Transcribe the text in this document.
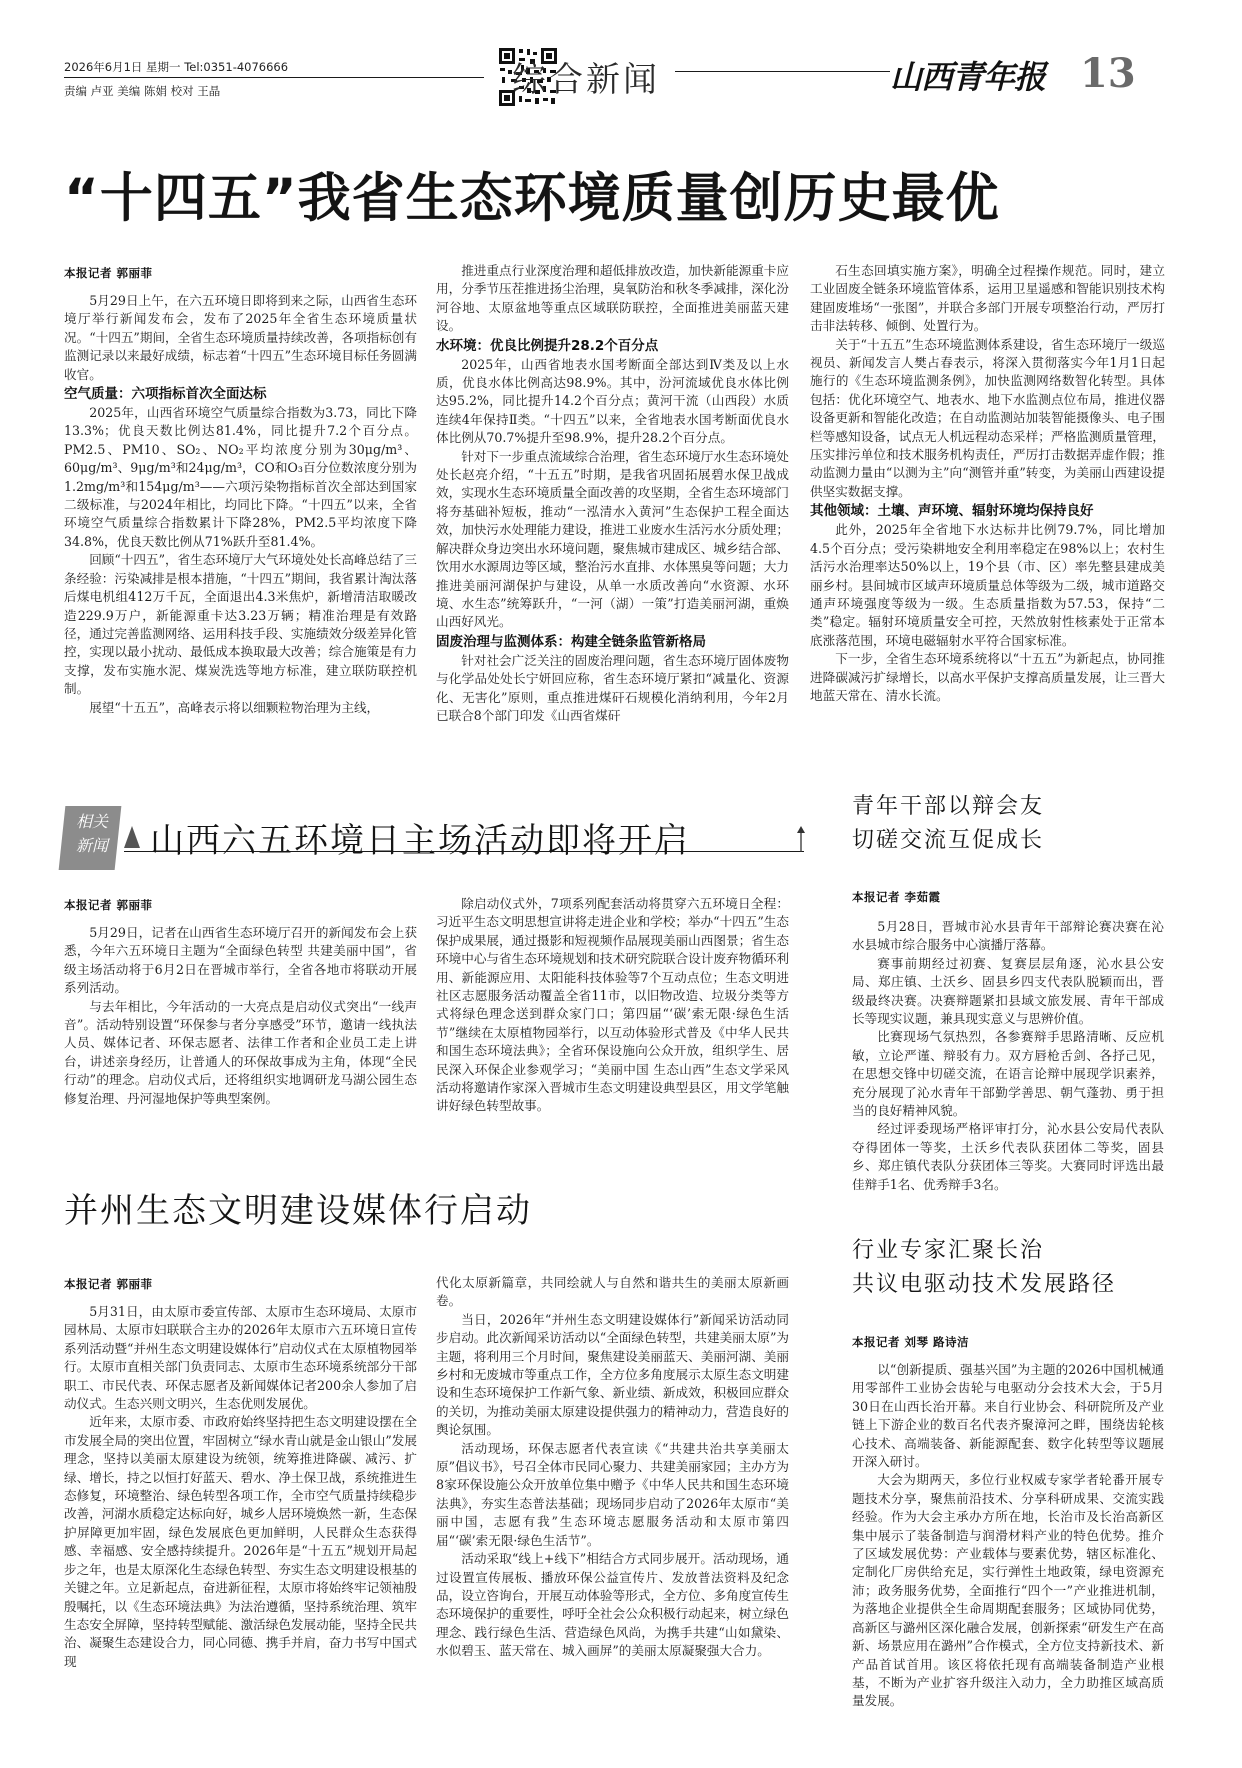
2026年6月1日 星期一 Tel:0351-4076666
责编 卢亚 美编 陈娟 校对 王晶	综合新闻	山西青年报 13
“十四五”我省生态环境质量创历史最优
本报记者 郭丽菲

5月29日上午，在六五环境日即将到来之际，山西省生态环境厅举行新闻发布会，发布了2025年全省生态环境质量状况。“十四五”期间，全省生态环境质量持续改善，各项指标创有监测记录以来最好成绩，标志着“十四五”生态环境目标任务圆满收官。

空气质量：六项指标首次全面达标

2025年，山西省环境空气质量综合指数为3.73，同比下降13.3%；优良天数比例达81.4%，同比提升7.2个百分点。PM2.5、PM10、SO₂、NO₂平均浓度分别为30μg/m³、60μg/m³、9μg/m³和24μg/m³，CO和O₃百分位数浓度分别为1.2mg/m³和154μg/m³——六项污染物指标首次全部达到国家二级标准，与2024年相比，均同比下降。“十四五”以来，全省环境空气质量综合指数累计下降28%，PM2.5平均浓度下降34.8%，优良天数比例从71%跃升至81.4%。

回顾“十四五”，省生态环境厅大气环境处处长高峰总结了三条经验：污染减排是根本措施，“十四五”期间，我省累计淘汰落后煤电机组412万千瓦，全面退出4.3米焦炉，新增清洁取暖改造229.9万户，新能源重卡达3.23万辆；精准治理是有效路径，通过完善监测网络、运用科技手段、实施绩效分级差异化管控，实现以最小扰动、最低成本换取最大改善；综合施策是有力支撑，发布实施水泥、煤炭洗选等地方标准，建立联防联控机制。

展望“十五五”，高峰表示将以细颗粒物治理为主线，

推进重点行业深度治理和超低排放改造，加快新能源重卡应用，分季节压茬推进扬尘治理，臭氧防治和秋冬季减排，深化汾河谷地、太原盆地等重点区域联防联控，全面推进美丽蓝天建设。

水环境：优良比例提升28.2个百分点

2025年，山西省地表水国考断面全部达到Ⅳ类及以上水质，优良水体比例高达98.9%。其中，汾河流域优良水体比例达95.2%，同比提升14.2个百分点；黄河干流（山西段）水质连续4年保持Ⅱ类。“十四五”以来，全省地表水国考断面优良水体比例从70.7%提升至98.9%，提升28.2个百分点。

针对下一步重点流域综合治理，省生态环境厅水生态环境处处长赵亮介绍，“十五五”时期，是我省巩固拓展碧水保卫战成效，实现水生态环境质量全面改善的攻坚期，全省生态环境部门将夯基础补短板，推动“一泓清水入黄河”生态保护工程全面达效，加快污水处理能力建设，推进工业废水生活污水分质处理；解决群众身边突出水环境问题，聚焦城市建成区、城乡结合部、饮用水水源周边等区域，整治污水直排、水体黑臭等问题；大力推进美丽河湖保护与建设，从单一水质改善向“水资源、水环境、水生态”统筹跃升，“一河（湖）一策”打造美丽河湖，重焕山西好风光。

固废治理与监测体系：构建全链条监管新格局

针对社会广泛关注的固废治理问题，省生态环境厅固体废物与化学品处处长宁妍回应称，省生态环境厅紧扣“减量化、资源化、无害化”原则，重点推进煤矸石规模化消纳利用，今年2月已联合8个部门印发《山西省煤矸

石生态回填实施方案》，明确全过程操作规范。同时，建立工业固废全链条环境监管体系，运用卫星遥感和智能识别技术构建固废堆场“一张图”，并联合多部门开展专项整治行动，严厉打击非法转移、倾倒、处置行为。

关于“十五五”生态环境监测体系建设，省生态环境厅一级巡视员、新闻发言人樊占春表示，将深入贯彻落实今年1月1日起施行的《生态环境监测条例》，加快监测网络数智化转型。具体包括：优化环境空气、地表水、地下水监测点位布局，推进仪器设备更新和智能化改造；在自动监测站加装智能摄像头、电子围栏等感知设备，试点无人机远程动态采样；严格监测质量管理，压实排污单位和技术服务机构责任，严厉打击数据弄虚作假；推动监测力量由“以测为主”向“测管并重”转变，为美丽山西建设提供坚实数据支撑。

其他领域：土壤、声环境、辐射环境均保持良好

此外，2025年全省地下水达标井比例79.7%，同比增加4.5个百分点；受污染耕地安全利用率稳定在98%以上；农村生活污水治理率达50%以上，19个县（市、区）率先整县建成美丽乡村。县间城市区域声环境质量总体等级为二级，城市道路交通声环境强度等级为一级。生态质量指数为57.53，保持“二类”稳定。辐射环境质量安全可控，天然放射性核素处于正常本底涨落范围，环境电磁辐射水平符合国家标准。

下一步，全省生态环境系统将以“十五五”为新起点，协同推进降碳减污扩绿增长，以高水平保护支撑高质量发展，让三晋大地蓝天常在、清水长流。

相关
新闻	山西六五环境日主场活动即将开启
本报记者 郭丽菲

5月29日，记者在山西省生态环境厅召开的新闻发布会上获悉，今年六五环境日主题为“全面绿色转型 共建美丽中国”，省级主场活动将于6月2日在晋城市举行，全省各地市将联动开展系列活动。

与去年相比，今年活动的一大亮点是启动仪式突出“一线声音”。活动特别设置“环保参与者分享感受”环节，邀请一线执法人员、媒体记者、环保志愿者、法律工作者和企业员工走上讲台，讲述亲身经历，让普通人的环保故事成为主角，体现“全民行动”的理念。启动仪式后，还将组织实地调研龙马湖公园生态修复治理、丹河湿地保护等典型案例。

除启动仪式外，7项系列配套活动将贯穿六五环境日全程：习近平生态文明思想宣讲将走进企业和学校；举办“十四五”生态保护成果展，通过摄影和短视频作品展现美丽山西图景；省生态环境中心与省生态环境规划和技术研究院联合设计废弃物循环利用、新能源应用、太阳能科技体验等7个互动点位；生态文明进社区志愿服务活动覆盖全省11市，以旧物改造、垃圾分类等方式将绿色理念送到群众家门口；第四届“‘碳’索无限·绿色生活节”继续在太原植物园举行，以互动体验形式普及《中华人民共和国生态环境法典》；全省环保设施向公众开放，组织学生、居民深入环保企业参观学习；“美丽中国 生态山西”生态文学采风活动将邀请作家深入晋城市生态文明建设典型县区，用文学笔触讲好绿色转型故事。

并州生态文明建设媒体行启动
本报记者 郭丽菲

5月31日，由太原市委宣传部、太原市生态环境局、太原市园林局、太原市妇联联合主办的2026年太原市六五环境日宣传系列活动暨“并州生态文明建设媒体行”启动仪式在太原植物园举行。太原市直相关部门负责同志、太原市生态环境系统部分干部职工、市民代表、环保志愿者及新闻媒体记者200余人参加了启动仪式。生态兴则文明兴，生态优则发展优。

近年来，太原市委、市政府始终坚持把生态文明建设摆在全市发展全局的突出位置，牢固树立“绿水青山就是金山银山”发展理念，坚持以美丽太原建设为统领，统筹推进降碳、减污、扩绿、增长，持之以恒打好蓝天、碧水、净土保卫战，系统推进生态修复，环境整治、绿色转型各项工作，全市空气质量持续稳步改善，河湖水质稳定达标向好，城乡人居环境焕然一新，生态保护屏障更加牢固，绿色发展底色更加鲜明，人民群众生态获得感、幸福感、安全感持续提升。2026年是“十五五”规划开局起步之年，也是太原深化生态绿色转型、夯实生态文明建设根基的关键之年。立足新起点，奋进新征程，太原市将始终牢记领袖殷殷嘱托，以《生态环境法典》为法治遵循，坚持系统治理、筑牢生态安全屏障，坚持转型赋能、激活绿色发展动能，坚持全民共治、凝聚生态建设合力，同心同德、携手并肩，奋力书写中国式现

代化太原新篇章，共同绘就人与自然和谐共生的美丽太原新画卷。

当日，2026年“并州生态文明建设媒体行”新闻采访活动同步启动。此次新闻采访活动以“全面绿色转型，共建美丽太原”为主题，将利用三个月时间，聚焦建设美丽蓝天、美丽河湖、美丽乡村和无废城市等重点工作，全方位多角度展示太原生态文明建设和生态环境保护工作新气象、新业绩、新成效，积极回应群众的关切，为推动美丽太原建设提供强力的精神动力，营造良好的舆论氛围。

活动现场，环保志愿者代表宣读《“共建共治共享美丽太原”倡议书》，号召全体市民同心聚力、共建美丽家园；主办方为8家环保设施公众开放单位集中赠予《中华人民共和国生态环境法典》，夯实生态普法基础；现场同步启动了2026年太原市“美丽中国，志愿有我”生态环境志愿服务活动和太原市第四届“‘碳’索无限·绿色生活节”。

活动采取“线上+线下”相结合方式同步展开。活动现场，通过设置宣传展板、播放环保公益宣传片、发放普法资料及纪念品，设立咨询台，开展互动体验等形式，全方位、多角度宣传生态环境保护的重要性，呼吁全社会公众积极行动起来，树立绿色理念、践行绿色生活、营造绿色风尚，为携手共建“山如黛染、水似碧玉、蓝天常在、城入画屏”的美丽太原凝聚强大合力。

青年干部以辩会友
切磋交流互促成长
本报记者 李茹霞

5月28日，晋城市沁水县青年干部辩论赛决赛在沁水县城市综合服务中心演播厅落幕。

赛事前期经过初赛、复赛层层角逐，沁水县公安局、郑庄镇、土沃乡、固县乡四支代表队脱颖而出，晋级最终决赛。决赛辩题紧扣县域文旅发展、青年干部成长等现实议题，兼具现实意义与思辨价值。

比赛现场气氛热烈，各参赛辩手思路清晰、反应机敏，立论严谨、辩驳有力。双方唇枪舌剑、各抒己见，在思想交锋中切磋交流，在语言论辩中展现学识素养，充分展现了沁水青年干部勤学善思、朝气蓬勃、勇于担当的良好精神风貌。

经过评委现场严格评审打分，沁水县公安局代表队夺得团体一等奖，土沃乡代表队获团体二等奖，固县乡、郑庄镇代表队分获团体三等奖。大赛同时评选出最佳辩手1名、优秀辩手3名。

行业专家汇聚长治
共议电驱动技术发展路径
本报记者 刘琴 路诗洁

以“创新提质、强基兴国”为主题的2026中国机械通用零部件工业协会齿轮与电驱动分会技术大会，于5月30日在山西长治开幕。来自行业协会、科研院所及产业链上下游企业的数百名代表齐聚漳河之畔，围绕齿轮核心技术、高端装备、新能源配套、数字化转型等议题展开深入研讨。

大会为期两天，多位行业权威专家学者轮番开展专题技术分享，聚焦前沿技术、分享科研成果、交流实践经验。作为大会主承办方所在地，长治市及长治高新区集中展示了装备制造与润滑材料产业的特色优势。推介了区域发展优势：产业载体与要素优势，辖区标准化、定制化厂房供给充足，实行弹性土地政策，绿电资源充沛；政务服务优势，全面推行“四个一”产业推进机制，为落地企业提供全生命周期配套服务；区域协同优势，高新区与潞州区深化融合发展，创新探索“研发生产在高新、场景应用在潞州”合作模式，全方位支持新技术、新产品首试首用。该区将依托现有高端装备制造产业根基，不断为产业扩容升级注入动力，全力助推区域高质量发展。
